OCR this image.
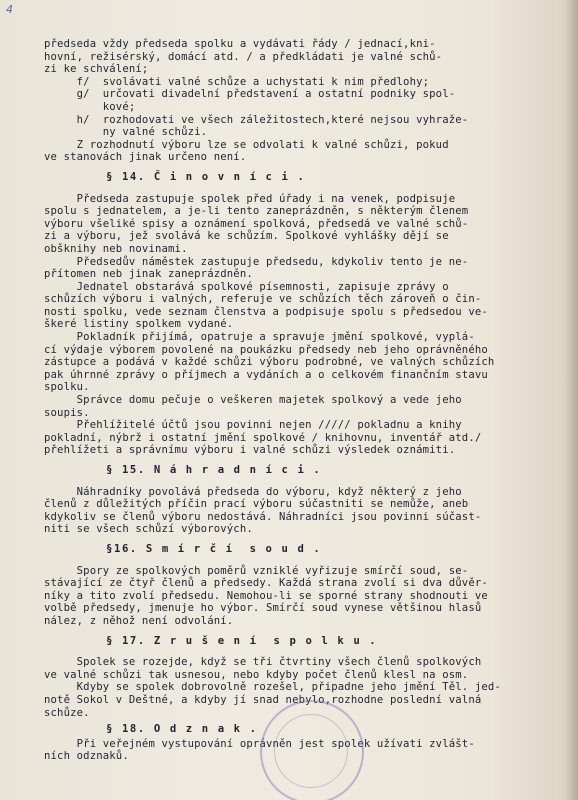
4
předseda vždy předseda spolku a vydávati řády / jednací,kni-
hovní, režisérský, domácí atd. / a předkládati je valné schů-
zi ke schválení;
f/  svolávati valné schůze a uchystati k nim předlohy;
g/  určovati divadelní představení a ostatní podniky spol-
kové;
h/  rozhodovati ve všech záležitostech,které nejsou vyhraže-
ny valné schůzi.
Z rozhodnutí výboru lze se odvolati k valné schůzi, pokud
ve stanovách jinak určeno není.
§ 14. Č i n o v n í c i .
Předseda zastupuje spolek před úřady i na venek, podpisuje
spolu s jednatelem, a je-li tento zaneprázdněn, s některým členem
výboru všeliké spisy a oznámení spolková, předsedá ve valné schů-
zi a výboru, jež svolává ke schůzím. Spolkové vyhlášky dějí se
obšknihy neb novinami.
Předsedův náměstek zastupuje předsedu, kdykoliv tento je ne-
přítomen neb jinak zaneprázdněn.
Jednatel obstarává spolkové písemnosti, zapisuje zprávy o
schůzích výboru i valných, referuje ve schůzích těch zároveň o čin-
nosti spolku, vede seznam členstva a podpisuje spolu s předsedou ve-
škeré listiny spolkem vydané.
Pokladník přijímá, opatruje a spravuje jmění spolkové, vyplá-
cí výdaje výborem povolené na poukázku předsedy neb jeho oprávněného
zástupce a podává v každé schůzi výboru podrobné, ve valných schůzích
pak úhrnné zprávy o příjmech a vydáních a o celkovém finančním stavu
spolku.
Správce domu pečuje o veškeren majetek spolkový a vede jeho
soupis.
Přehlížitelé účtů jsou povinni nejen ///// pokladnu a knihy
pokladní, nýbrž i ostatní jmění spolkové / knihovnu, inventář atd./
přehlížeti a správnímu výboru i valné schůzi výsledek oznámiti.
§ 15. N á h r a d n í c i .
Náhradníky povolává předseda do výboru, když některý z jeho
členů z důležitých příčin prací výboru súčastniti se nemůže, aneb
kdykoliv se členů výboru nedostává. Náhradníci jsou povinni súčast-
niti se všech schůzí výborových.
§16. S m í r č í  s o u d .
Spory ze spolkových poměrů vzniklé vyřizuje smírčí soud, se-
stávající ze čtyř členů a předsedy. Každá strana zvolí si dva důvěr-
níky a tito zvolí předsedu. Nemohou-li se sporné strany shodnouti ve
volbě předsedy, jmenuje ho výbor. Smírčí soud vynese většinou hlasů
nález, z něhož není odvolání.
§ 17. Z r u š e n í  s p o l k u .
Spolek se rozejde, když se tři čtvrtiny všech členů spolkových
ve valné schůzi tak usnesou, nebo kdyby počet členů klesl na osm.
Kdyby se spolek dobrovolně rozešel, připadne jeho jmění Těl. jed-
notě Sokol v Deštné, a kdyby jí snad nebylo,rozhodne poslední valná
schůze.
§ 18. O d z n a k .
Při veřejném vystupování oprávněn jest spolek užívati zvlášt-
ních odznaků.
